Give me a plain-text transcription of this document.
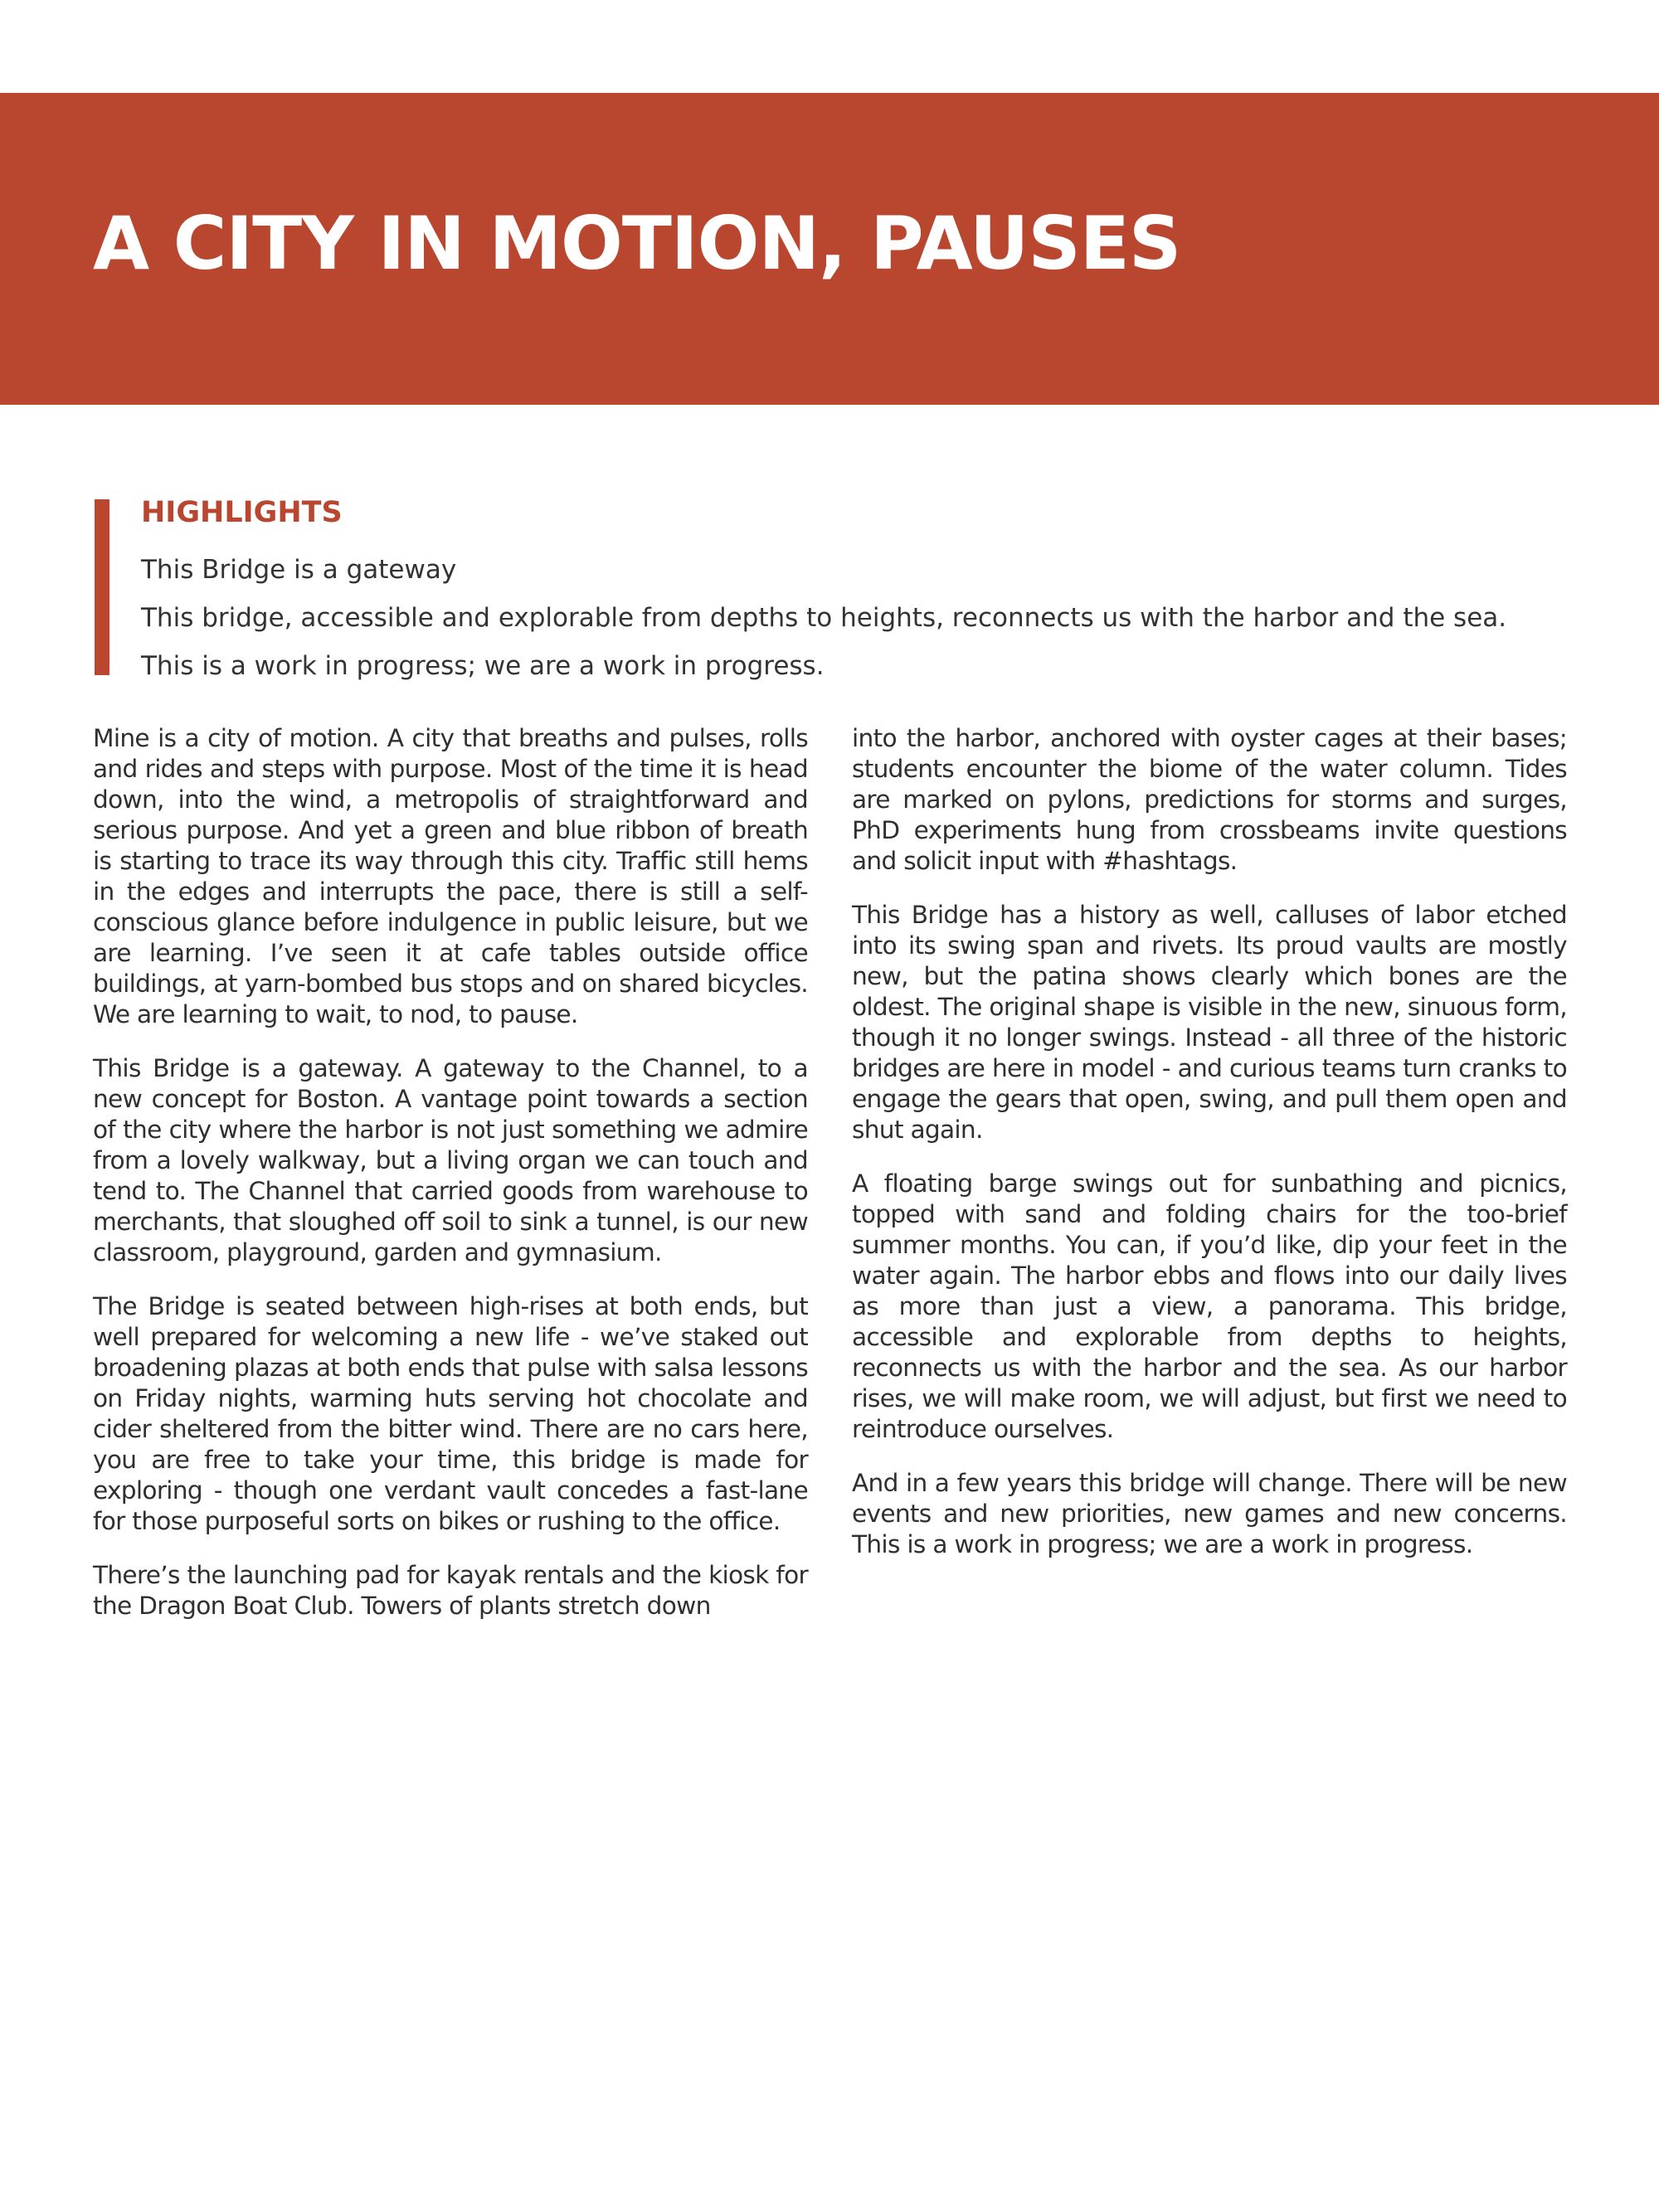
A CITY IN MOTION, PAUSES
HIGHLIGHTS
This Bridge is a gateway
This bridge, accessible and explorable from depths to heights, reconnects us with the harbor and the sea.
This is a work in progress; we are a work in progress.

Mine is a city of motion. A city that breaths and pulses, rolls and rides and steps with purpose. Most of the time it is head down, into the wind, a metropolis of straightforward and serious purpose. And yet a green and blue ribbon of breath is starting to trace its way through this city. Traffic still hems in the edges and interrupts the pace, there is still a self-conscious glance before indulgence in public leisure, but we are learning. I’ve seen it at cafe tables outside office buildings, at yarn-bombed bus stops and on shared bicycles. We are learning to wait, to nod, to pause.

This Bridge is a gateway. A gateway to the Channel, to a new concept for Boston. A vantage point towards a section of the city where the harbor is not just something we admire from a lovely walkway, but a living organ we can touch and tend to. The Channel that carried goods from warehouse to merchants, that sloughed off soil to sink a tunnel, is our new classroom, playground, garden and gymnasium.

The Bridge is seated between high-rises at both ends, but well prepared for welcoming a new life - we’ve staked out broadening plazas at both ends that pulse with salsa lessons on Friday nights, warming huts serving hot chocolate and cider sheltered from the bitter wind. There are no cars here, you are free to take your time, this bridge is made for exploring - though one verdant vault concedes a fast-lane for those purposeful sorts on bikes or rushing to the office.

There’s the launching pad for kayak rentals and the kiosk for the Dragon Boat Club. Towers of plants stretch down

into the harbor, anchored with oyster cages at their bases; students encounter the biome of the water column. Tides are marked on pylons, predictions for storms and surges, PhD experiments hung from crossbeams invite questions and solicit input with #hashtags.

This Bridge has a history as well, calluses of labor etched into its swing span and rivets. Its proud vaults are mostly new, but the patina shows clearly which bones are the oldest. The original shape is visible in the new, sinuous form, though it no longer swings. Instead - all three of the historic bridges are here in model - and curious teams turn cranks to engage the gears that open, swing, and pull them open and shut again.

A floating barge swings out for sunbathing and picnics, topped with sand and folding chairs for the too-brief summer months. You can, if you’d like, dip your feet in the water again. The harbor ebbs and flows into our daily lives as more than just a view, a panorama. This bridge, accessible and explorable from depths to heights, reconnects us with the harbor and the sea. As our harbor rises, we will make room, we will adjust, but first we need to reintroduce ourselves.

And in a few years this bridge will change. There will be new events and new priorities, new games and new concerns. This is a work in progress; we are a work in progress.
